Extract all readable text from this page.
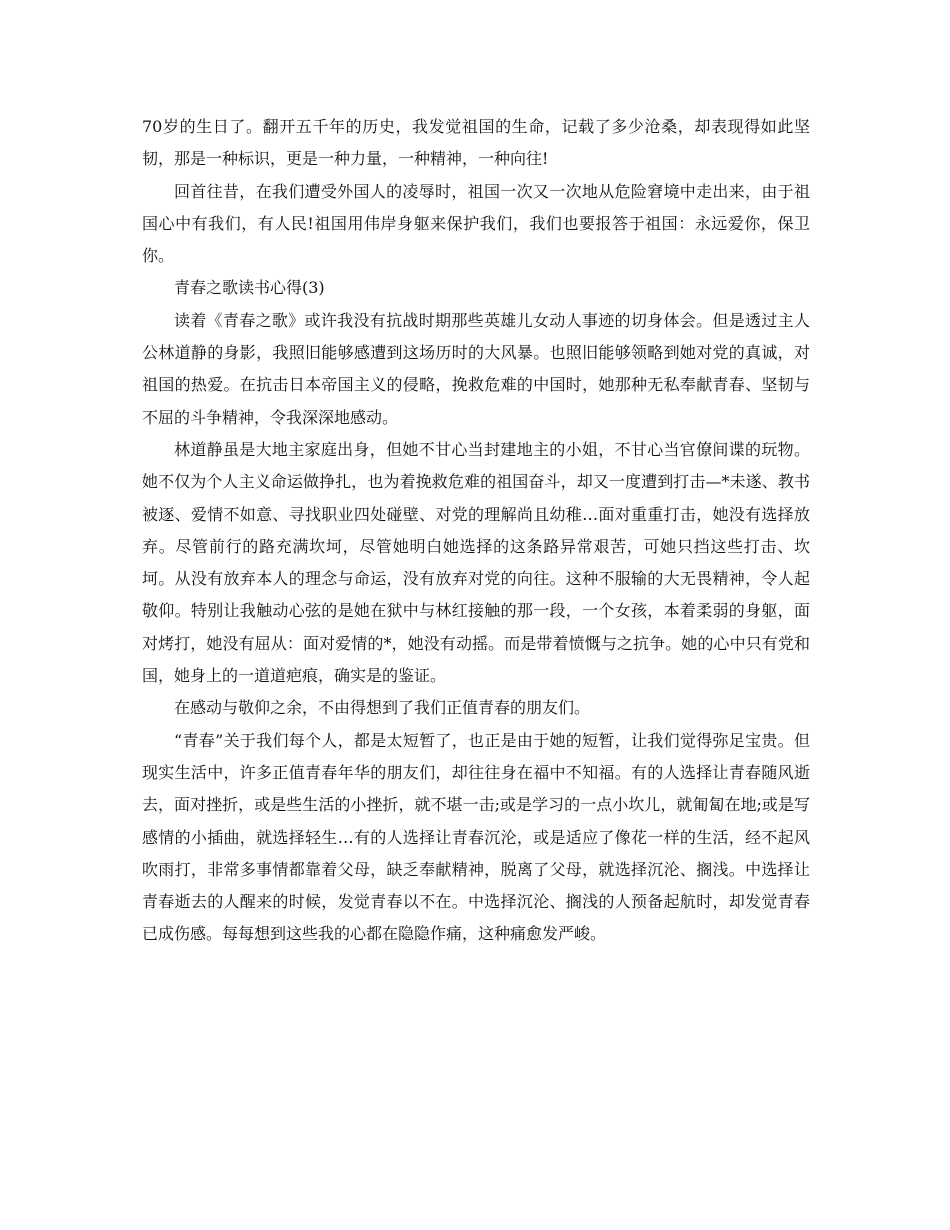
70岁的生日了。翻开五千年的历史，我发觉祖国的生命，记载了多少沧桑，却表现得如此坚韧，那是一种标识，更是一种力量，一种精神，一种向往!

回首往昔，在我们遭受外国人的凌辱时，祖国一次又一次地从危险窘境中走出来，由于祖国心中有我们，有人民!祖国用伟岸身躯来保护我们，我们也要报答于祖国：永远爱你，保卫你。

青春之歌读书心得(3)

读着《青春之歌》或许我没有抗战时期那些英雄儿女动人事迹的切身体会。但是透过主人公林道静的身影，我照旧能够感遭到这场历时的大风暴。也照旧能够领略到她对党的真诚，对祖国的热爱。在抗击日本帝国主义的侵略，挽救危难的中国时，她那种无私奉献青春、坚韧与不屈的斗争精神，令我深深地感动。

林道静虽是大地主家庭出身，但她不甘心当封建地主的小姐，不甘心当官僚间谍的玩物。她不仅为个人主义命运做挣扎，也为着挽救危难的祖国奋斗，却又一度遭到打击—*未遂、教书被逐、爱情不如意、寻找职业四处碰壁、对党的理解尚且幼稚…面对重重打击，她没有选择放弃。尽管前行的路充满坎坷，尽管她明白她选择的这条路异常艰苦，可她只挡这些打击、坎坷。从没有放弃本人的理念与命运，没有放弃对党的向往。这种不服输的大无畏精神，令人起敬仰。特别让我触动心弦的是她在狱中与林红接触的那一段，一个女孩，本着柔弱的身躯，面对烤打，她没有屈从：面对爱情的*，她没有动摇。而是带着愤慨与之抗争。她的心中只有党和国，她身上的一道道疤痕，确实是的鉴证。

在感动与敬仰之余，不由得想到了我们正值青春的朋友们。

“青春”关于我们每个人，都是太短暂了，也正是由于她的短暂，让我们觉得弥足宝贵。但现实生活中，许多正值青春年华的朋友们，却往往身在福中不知福。有的人选择让青春随风逝去，面对挫折，或是些生活的小挫折，就不堪一击;或是学习的一点小坎儿，就匍匐在地;或是写感情的小插曲，就选择轻生…有的人选择让青春沉沦，或是适应了像花一样的生活，经不起风吹雨打，非常多事情都靠着父母，缺乏奉献精神，脱离了父母，就选择沉沦、搁浅。中选择让青春逝去的人醒来的时候，发觉青春以不在。中选择沉沦、搁浅的人预备起航时，却发觉青春已成伤感。每每想到这些我的心都在隐隐作痛，这种痛愈发严峻。
